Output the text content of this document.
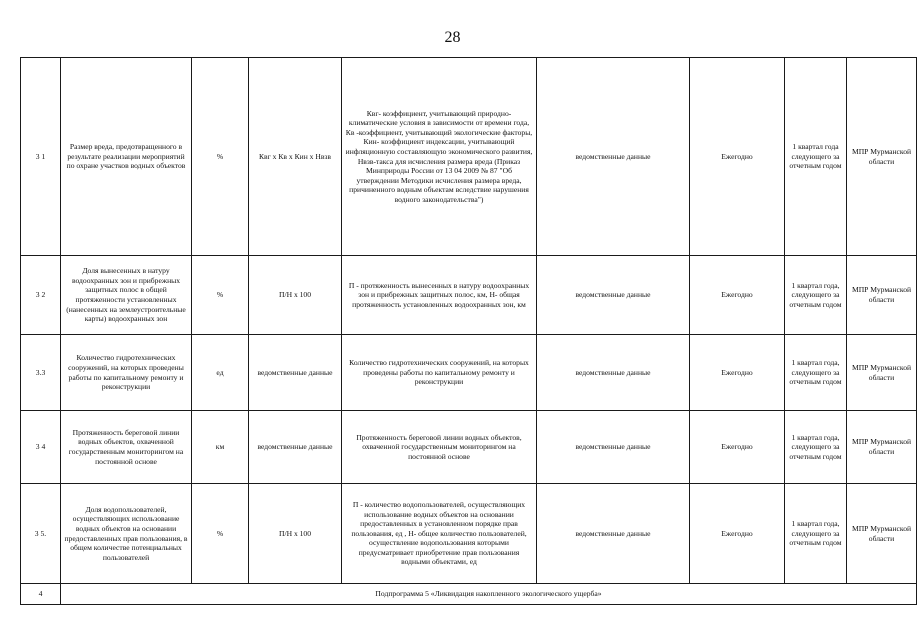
28
3 1	Размер вреда, предотвращенного в результате реализации мероприятий по охране участков водных объектов	%	Квг х Кв х Кин х Нвзв	Квг- коэффициент, учитывающий природно-климатические условия в зависимости от времени года, Кв -коэффициент, учитывающий экологические факторы, Кин- коэффициент индексации, учитывающий инфляционную составляющую экономического развития, Нвзв-такса для исчисления размера вреда (Приказ Минприроды России от 13 04 2009 № 87 "Об утверждении Методики исчисления размера вреда, причиненного водным объектам вследствие нарушения водного законодательства")	ведомственные данные	Ежегодно	1 квартал года следующего за отчетным годом	МПР Мурманской области
3 2	Доля вынесенных в натуру водоохранных зон и прибрежных защитных полос в общей протяженности установленных (нанесенных на землеустроительные карты) водоохранных зон	%	П/Н х 100	П - протяженность вынесенных в натуру водоохранных зон и прибрежных защитных полос, км, Н- общая протяженность установленных водоохранных зон, км	ведомственные данные	Ежегодно	1 квартал года, следующего за отчетным годом	МПР Мурманской области
3.3	Количество гидротехнических сооружений, на которых проведены работы по капитальному ремонту и реконструкции	ед	ведомственные данные	Количество гидротехнических сооружений, на которых проведены работы по капитальному ремонту и реконструкции	ведомственные данные	Ежегодно	1 квартал года, следующего за отчетным годом	МПР Мурманской области
3 4	Протяженность береговой линии водных объектов, охваченной государственным мониторингом на постоянной основе	км	ведомственные данные	Протяженность береговой линии водных объектов, охваченной государственным мониторингом на постоянной основе	ведомственные данные	Ежегодно	1 квартал года, следующего за отчетным годом	МПР Мурманской области
3 5.	Доля водопользователей, осуществляющих использование водных объектов на основании предоставленных прав пользования, в общем количестве потенциальных пользователей	%	П/Н х 100	П - количество водопользователей, осуществляющих использование водных объектов на основании предоставленных в установленном порядке прав пользования, ед , Н- общее количество пользователей, осуществление водопользования которыми предусматривает приобретение прав пользования водными объектами, ед	ведомственные данные	Ежегодно	1 квартал года, следующего за отчетным годом	МПР Мурманской области
4	Подпрограмма 5 «Ликвидация накопленного экологического ущерба»							
